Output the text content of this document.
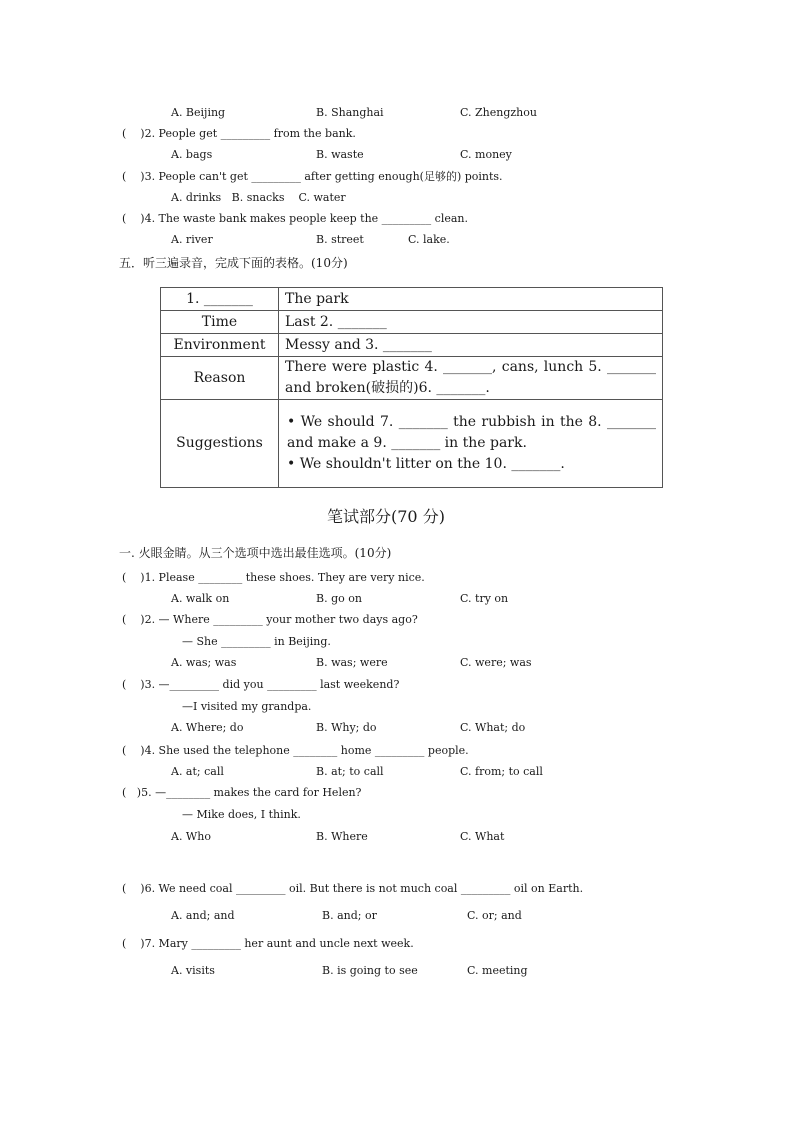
A. Beijing	B. Shanghai	C. Zhengzhou
(    )2. People get _________ from the bank.
A. bags	B. waste	C. money
(    )3. People can't get _________ after getting enough(足够的) points.
A. drinks   B. snacks    C. water
(    )4. The waste bank makes people keep the _________ clean.
A. river	B. street	C. lake.
五．听三遍录音，完成下面的表格。(10分)
1. _______	The park
Time	Last 2. _______
Environment	Messy and 3. _______
Reason	There were plastic 4. _______, cans, lunch 5. _______ and broken(破损的)6. _______.
Suggestions	• We should 7. _______ the rubbish in the 8. _______ and make a 9. _______ in the park.
• We shouldn't litter on the 10. _______.
笔试部分(70 分)
一. 火眼金睛。从三个选项中选出最佳选项。(10分)
(    )1. Please ________ these shoes. They are very nice.
A. walk on	B. go on	C. try on
(    )2. — Where _________ your mother two days ago?
— She _________ in Beijing.
A. was; was	B. was; were	C. were; was
(    )3. —_________ did you _________ last weekend?
—I visited my grandpa.
A. Where; do	B. Why; do	C. What; do
(    )4. She used the telephone ________ home _________ people.
A. at; call	B. at; to call	C. from; to call
(   )5. —________ makes the card for Helen?
— Mike does, I think.
A. Who	B. Where	C. What
(    )6. We need coal _________ oil. But there is not much coal _________ oil on Earth.
A. and; and	B. and; or	C. or; and
(    )7. Mary _________ her aunt and uncle next week.
A. visits	B. is going to see	C. meeting
